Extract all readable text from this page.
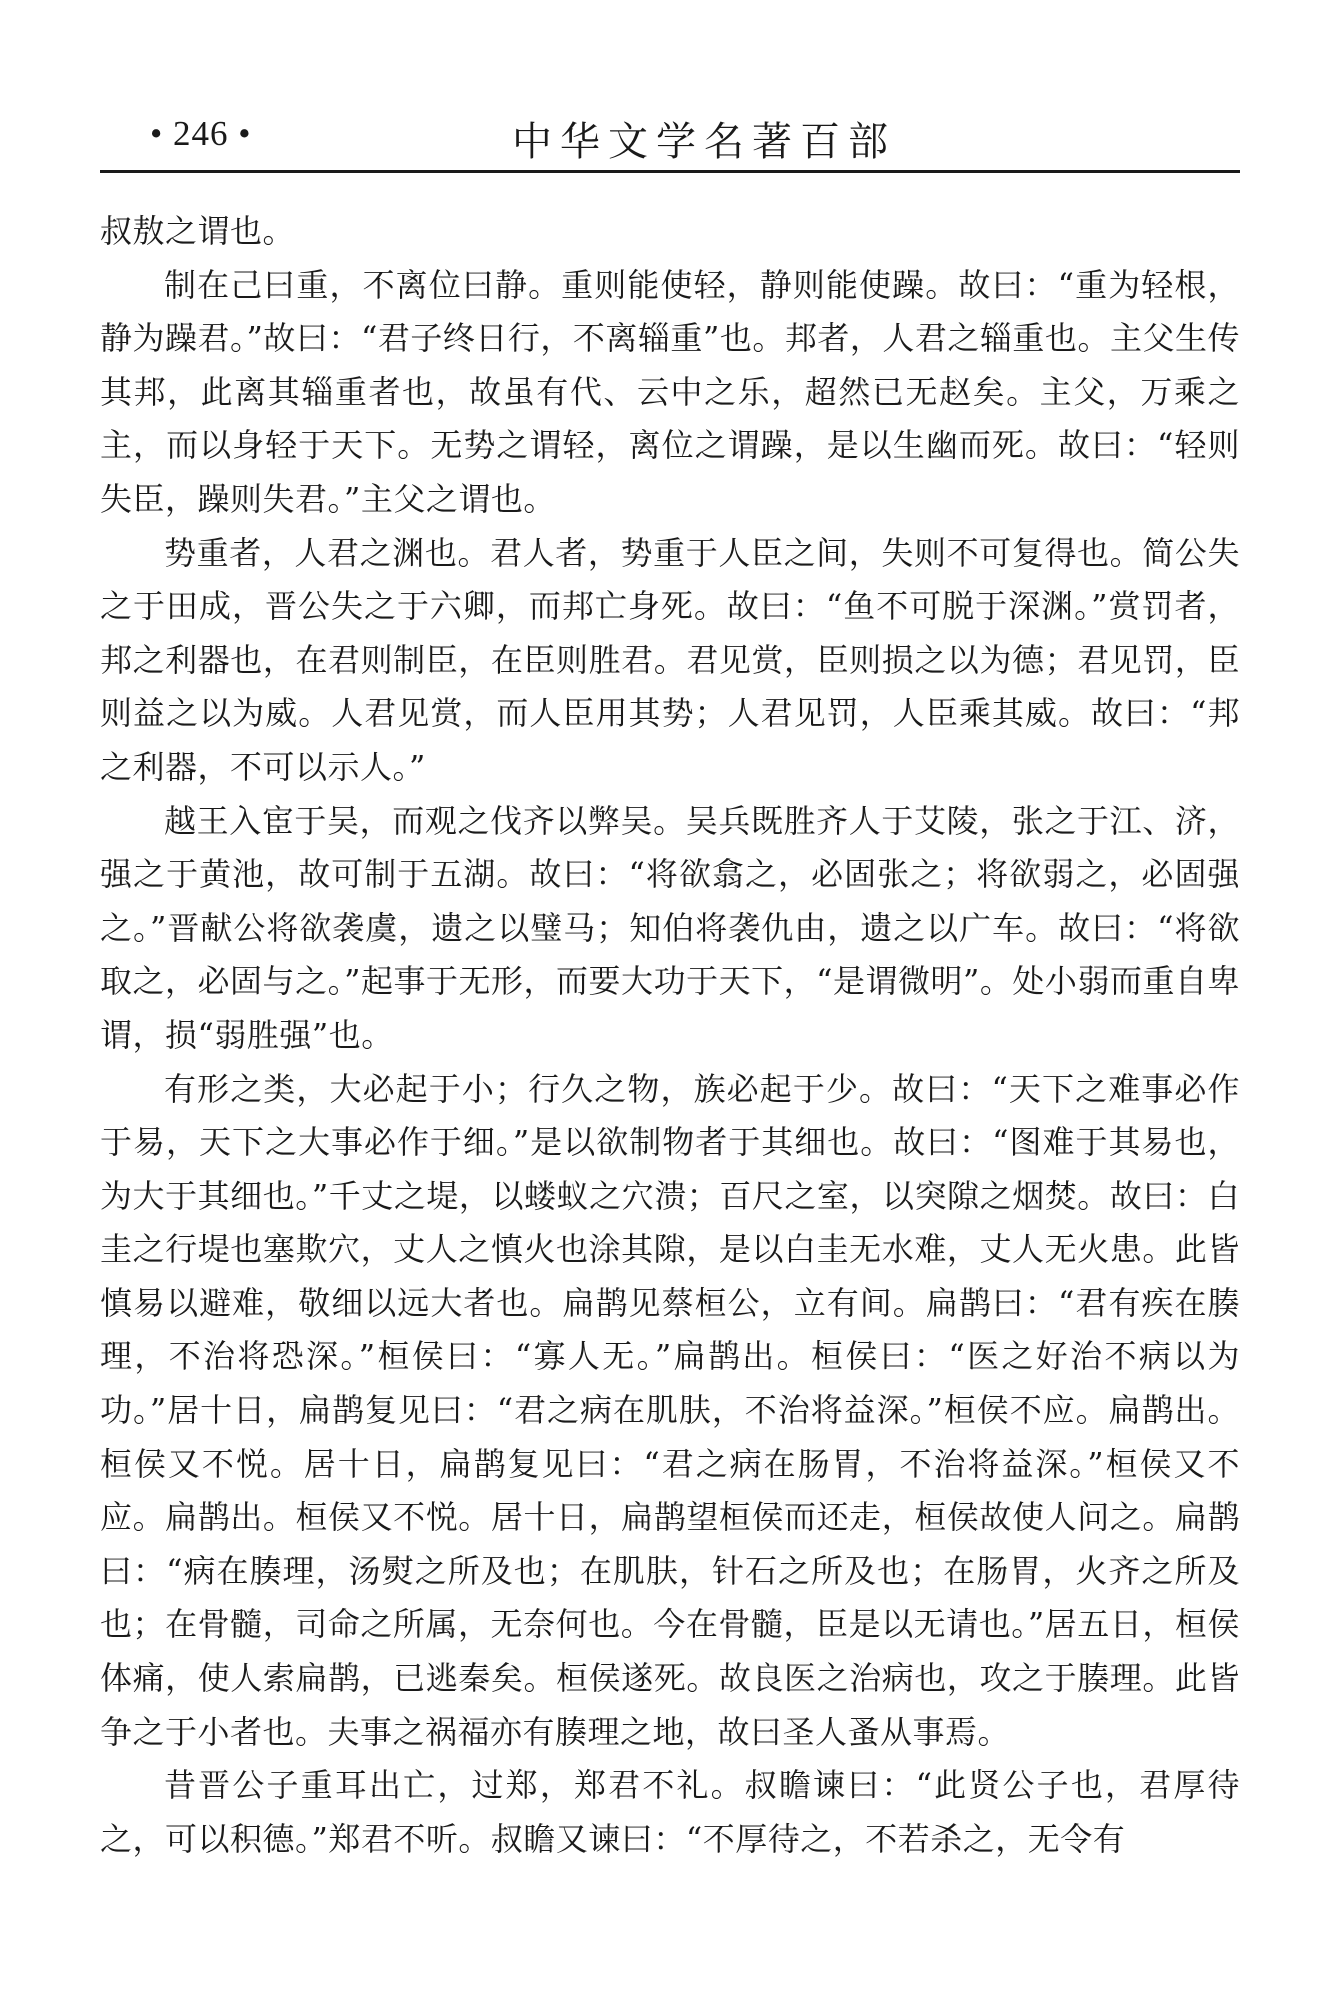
• 246 •	中华文学名著百部

叔敖之谓也。

制在己曰重，不离位曰静。重则能使轻，静则能使躁。故曰：“重为轻根，静为躁君。”故曰：“君子终日行，不离辎重”也。邦者，人君之辎重也。主父生传其邦，此离其辎重者也，故虽有代、云中之乐，超然已无赵矣。主父，万乘之主，而以身轻于天下。无势之谓轻，离位之谓躁，是以生幽而死。故曰：“轻则失臣，躁则失君。”主父之谓也。

势重者，人君之渊也。君人者，势重于人臣之间，失则不可复得也。简公失之于田成，晋公失之于六卿，而邦亡身死。故曰：“鱼不可脱于深渊。”赏罚者，邦之利器也，在君则制臣，在臣则胜君。君见赏，臣则损之以为德；君见罚，臣则益之以为威。人君见赏，而人臣用其势；人君见罚，人臣乘其威。故曰：“邦之利器，不可以示人。”

越王入宦于吴，而观之伐齐以弊吴。吴兵既胜齐人于艾陵，张之于江、济，强之于黄池，故可制于五湖。故曰：“将欲翕之，必固张之；将欲弱之，必固强之。”晋献公将欲袭虞，遗之以璧马；知伯将袭仇由，遗之以广车。故曰：“将欲取之，必固与之。”起事于无形，而要大功于天下，“是谓微明”。处小弱而重自卑谓，损“弱胜强”也。

有形之类，大必起于小；行久之物，族必起于少。故曰：“天下之难事必作于易，天下之大事必作于细。”是以欲制物者于其细也。故曰：“图难于其易也，为大于其细也。”千丈之堤，以蝼蚁之穴溃；百尺之室，以突隙之烟焚。故曰：白圭之行堤也塞欺穴，丈人之慎火也涂其隙，是以白圭无水难，丈人无火患。此皆慎易以避难，敬细以远大者也。扁鹊见蔡桓公，立有间。扁鹊曰：“君有疾在腠理，不治将恐深。”桓侯曰：“寡人无。”扁鹊出。桓侯曰：“医之好治不病以为功。”居十日，扁鹊复见曰：“君之病在肌肤，不治将益深。”桓侯不应。扁鹊出。桓侯又不悦。居十日，扁鹊复见曰：“君之病在肠胃，不治将益深。”桓侯又不应。扁鹊出。桓侯又不悦。居十日，扁鹊望桓侯而还走，桓侯故使人问之。扁鹊曰：“病在腠理，汤熨之所及也；在肌肤，针石之所及也；在肠胃，火齐之所及也；在骨髓，司命之所属，无奈何也。今在骨髓，臣是以无请也。”居五日，桓侯体痛，使人索扁鹊，已逃秦矣。桓侯遂死。故良医之治病也，攻之于腠理。此皆争之于小者也。夫事之祸福亦有腠理之地，故曰圣人蚤从事焉。

昔晋公子重耳出亡，过郑，郑君不礼。叔瞻谏曰：“此贤公子也，君厚待之，可以积德。”郑君不听。叔瞻又谏曰：“不厚待之，不若杀之，无令有
